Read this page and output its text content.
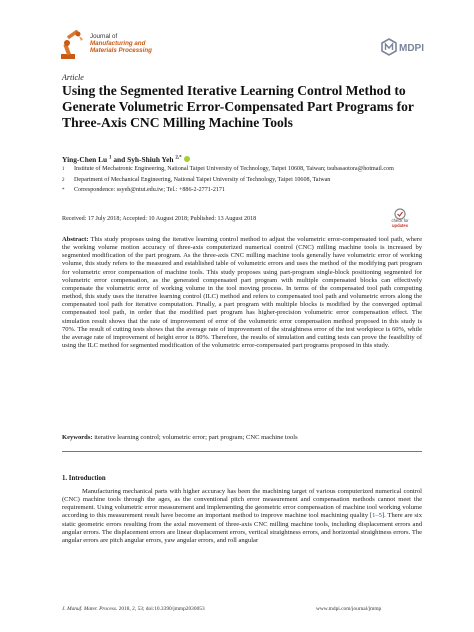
Journal of
Manufacturing and
Materials Processing	MDPI
Article
Using the Segmented Iterative Learning Control Method to Generate Volumetric Error-Compensated Part Programs for Three-Axis CNC Milling Machine Tools
Ying-Chen Lu $^1$ and Syh-Shiuh Yeh $^{2,*}$
$^1$	Institute of Mechatronic Engineering, National Taipei University of Technology, Taipei 10608, Taiwan; tsubasaotora@hotmail.com
$^2$	Department of Mechanical Engineering, National Taipei University of Technology, Taipei 10608, Taiwan
*	Correspondence: ssyeh@ntut.edu.tw; Tel.: +886-2-2771-2171
Received: 17 July 2018; Accepted: 10 August 2018; Published: 13 August 2018	check for
updates
Abstract: This study proposes using the iterative learning control method to adjust the volumetric error-compensated tool path, where the working volume motion accuracy of three-axis computerized numerical control (CNC) milling machine tools is increased by segmented modification of the part program. As the three-axis CNC milling machine tools generally have volumetric error of working volume, this study refers to the measured and established table of volumetric errors and uses the method of the modifying part program for volumetric error compensation of machine tools. This study proposes using part-program single-block positioning segmented for volumetric error compensation, as the generated compensated part program with multiple compensated blocks can effectively compensate the volumetric error of working volume in the tool moving process. In terms of the compensated tool path computing method, this study uses the iterative learning control (ILC) method and refers to compensated tool path and volumetric errors along the compensated tool path for iterative computation. Finally, a part program with multiple blocks is modified by the converged optimal compensated tool path, in order that the modified part program has higher-precision volumetric error compensation effect. The simulation result shows that the rate of improvement of error of the volumetric error compensation method proposed in this study is 70%. The result of cutting tests shows that the average rate of improvement of the straightness error of the test workpiece is 60%, while the average rate of improvement of height error is 80%. Therefore, the results of simulation and cutting tests can prove the feasibility of using the ILC method for segmented modification of the volumetric error-compensated part programs proposed in this study.
Keywords: iterative learning control; volumetric error; part program; CNC machine tools
1. Introduction
Manufacturing mechanical parts with higher accuracy has been the machining target of various computerized numerical control (CNC) machine tools through the ages, as the conventional pitch error measurement and compensation methods cannot meet the requirement. Using volumetric error measurement and implementing the geometric error compensation of machine tool working volume according to this measurement result have become an important method to improve machine tool machining quality [1–5]. There are six static geometric errors resulting from the axial movement of three-axis CNC milling machine tools, including displacement errors and angular errors. The displacement errors are linear displacement errors, vertical straightness errors, and horizontal straightness errors. The angular errors are pitch angular errors, yaw angular errors, and roll angular
J. Manuf. Mater. Process. 2018, 2, 53; doi:10.3390/jmmp2030053	www.mdpi.com/journal/jmmp
